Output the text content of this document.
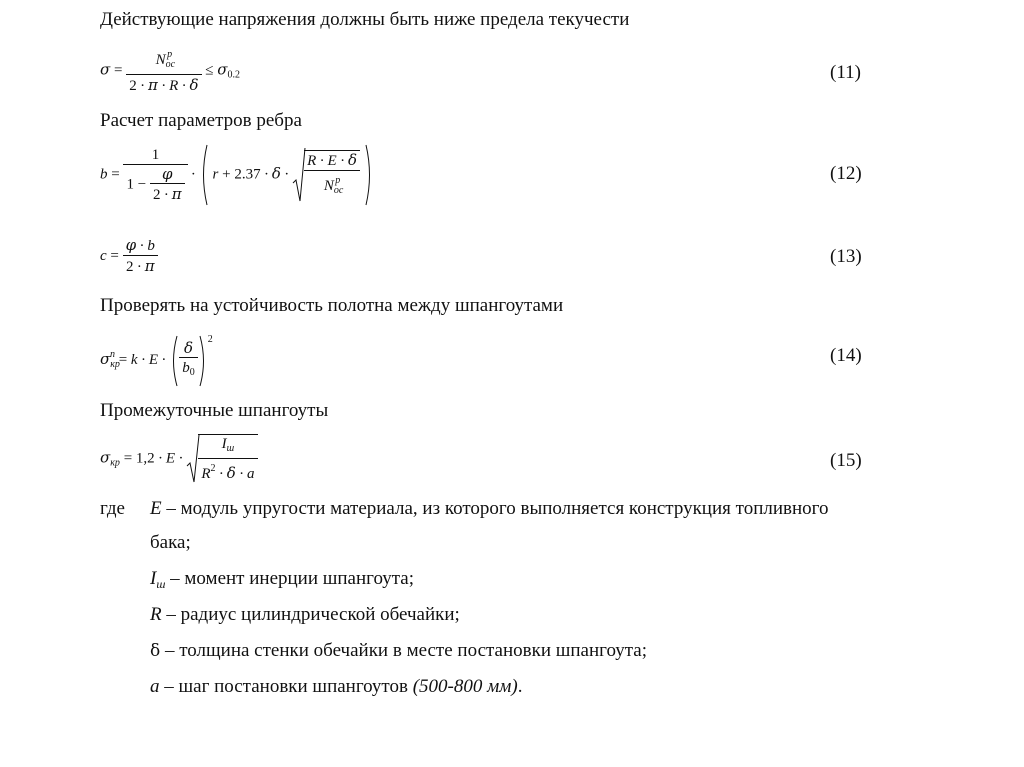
Действующие напряжения должны быть ниже предела текучести
$\sigma = \frac{N_{ос}^p}{2 \cdot \pi \cdot R \cdot \delta} \le \sigma_{0.2}$	(11)
Расчет параметров ребра
$b = \frac{1}{1 - \frac{\varphi}{2 \cdot \pi}} \cdot r + 2.37 \cdot \delta \cdot \frac{R \cdot E \cdot \delta}{N_{ос}^p}$
	(12)
$c = \frac{\varphi \cdot b}{2 \cdot \pi}$	(13)
Проверять на устойчивость полотна между шпангоутами
$\sigma_{кр}^п = k \cdot E \cdot \frac{\delta}{b_0} ^2$
(14)
Промежуточные шпангоуты
$\sigma_{кр} = 1,2 \cdot E \cdot \frac{I_ш}{R^2 \cdot \delta \cdot a}$	(15)
где E – модуль упругости материала, из которого выполняется конструкция топливного
бака;
$I_ш$ – момент инерции шпангоута;
R – радиус цилиндрической обечайки;
δ – толщина стенки обечайки в месте постановки шпангоута;
a – шаг постановки шпангоутов (500-800 мм).
